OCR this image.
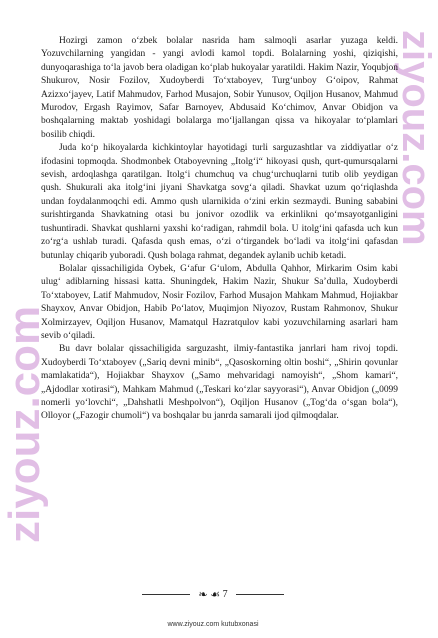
ziyouz.com
ziyouz.com

Hozirgi zamon o‘zbek bolalar nasrida ham salmoqli asarlar yuzaga keldi. Yozuvchilarning yangidan - yangi avlodi kamol topdi. Bolalarning yoshi, qiziqishi, dunyoqarashiga to‘la javob bera oladigan ko‘plab hukoyalar yaratildi. Hakim Nazir, Yoqubjon Shukurov, Nosir Fozilov, Xudoyberdi To‘xtaboyev, Turg‘unboy G‘oipov, Rahmat Azizxo‘jayev, Latif Mahmudov, Farhod Musajon, Sobir Yunusov, Oqiljon Husanov, Mahmud Murodov, Ergash Rayimov, Safar Barnoyev, Abdusaid Ko‘chimov, Anvar Obidjon va boshqalarning maktab yoshidagi bolalarga mo‘ljallangan qissa va hikoyalar to‘plamlari bosilib chiqdi.

Juda ko‘p hikoyalarda kichkintoylar hayotidagi turli sarguzashtlar va ziddiyatlar o‘z ifodasini topmoqda. Shodmonbek Otaboyevning „Itolg‘i“ hikoyasi qush, qurt-qumursqalarni sevish, ardoqlashga qaratilgan. Itolg‘i chumchuq va chug‘urchuqlarni tutib olib yeydigan qush. Shukurali aka itolg‘ini jiyani Shavkatga sovg‘a qiladi. Shavkat uzum qo‘riqlashda undan foydalanmoqchi edi. Ammo qush ularnikida o‘zini erkin sezmaydi. Buning sababini surishtirganda Shavkatning otasi bu jonivor ozodlik va erkinlikni qo‘msayotganligini tushuntiradi. Shavkat qushlarni yaxshi ko‘radigan, rahmdil bola. U itolg‘ini qafasda uch kun zo‘rg‘a ushlab turadi. Qafasda qush emas, o‘zi o‘tirgandek bo‘ladi va itolg‘ini qafasdan butunlay chiqarib yuboradi. Qush bolaga rahmat, degandek aylanib uchib ketadi.

Bolalar qissachiligida Oybek, G‘afur G‘ulom, Abdulla Qahhor, Mirkarim Osim kabi ulug‘ adiblarning hissasi katta. Shuningdek, Hakim Nazir, Shukur Sa’dulla, Xudoyberdi To‘xtaboyev, Latif Mahmudov, Nosir Fozilov, Farhod Musajon Mahkam Mahmud, Hojiakbar Shayxov, Anvar Obidjon, Habib Po‘latov, Muqimjon Niyozov, Rustam Rahmonov, Shukur Xolmirzayev, Oqiljon Husanov, Mamatqul Hazratqulov kabi yozuvchilarning asarlari ham sevib o‘qiladi.

Bu davr bolalar qissachiligida sarguzasht, ilmiy-fantastika janrlari ham rivoj topdi. Xudoyberdi To‘xtaboyev („Sariq devni minib“, „Qasoskorning oltin boshi“, „Shirin qovunlar mamlakatida“), Hojiakbar Shayxov („Samo mehvaridagi namoyish“, „Shom kamari“, „Ajdodlar xotirasi“), Mahkam Mahmud („Teskari ko‘zlar sayyorasi“), Anvar Obidjon („0099 nomerli yo‘lovchi“, „Dahshatli Meshpolvon“), Oqiljon Husanov („Tog‘da o‘sgan bola“), Olloyor („Fazogir chumoli“) va boshqalar bu janrda samarali ijod qilmoqdalar.

❧ ☙ 7
www.ziyouz.com kutubxonasi
